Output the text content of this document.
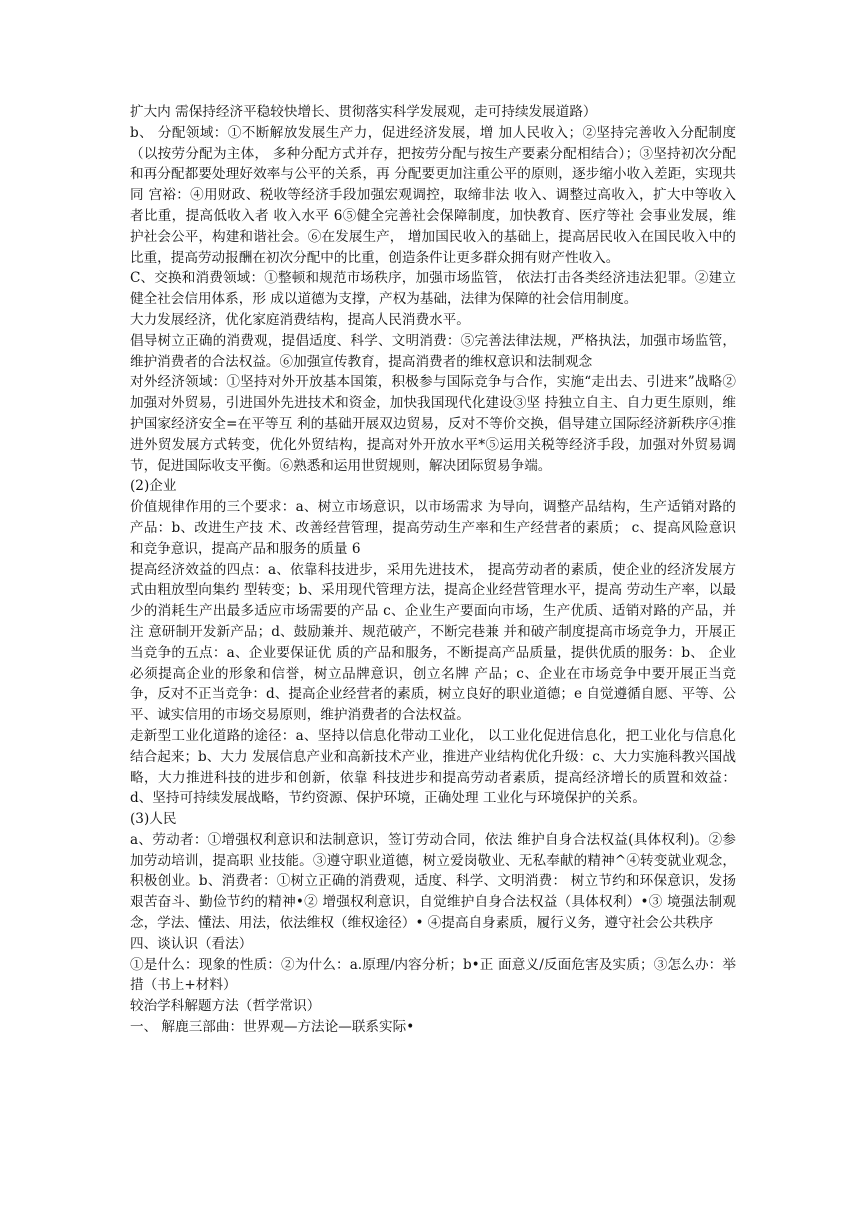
扩大内 需保持经济平稳较快增长、贯彻落实科学发展观，走可持续发展道路）

b、 分配领域：①不断解放发展生产力，促进经济发展，增 加人民收入；②坚持完善收入分配制度（以按劳分配为主体， 多种分配方式并存，把按劳分配与按生产要素分配相结合）；③坚持初次分配和再分配都要处理好效率与公平的关系，再 分配要更加注重公平的原则，逐步缩小收入差距，实现共同 宫裕：④用财政、税收等经济手段加强宏观调控，取缔非法 收入、调整过高收入，扩大中等收入者比重，提高低收入者 收入水平 6⑤健全完善社会保障制度，加快教育、医疗等社 会事业发展，维护社会公平，构建和谐社会。⑥在发展生产， 增加国民收入的基础上，提高居民收入在国民收入中的比重，提高劳动报酬在初次分配中的比重，创造条件让更多群众拥有财产性收入。

C、交换和消费领域：①整顿和规范市场秩序，加强市场监管， 依法打击各类经济违法犯罪。②建立健全社会信用体系，形 成以道德为支撑，产权为基础，法律为保障的社会信用制度。

大力发展经济，优化家庭消费结构，提高人民消费水平。

倡导树立正确的消费观，提倡适度、科学、文明消费：⑤完善法律法规，严格执法，加强市场监管，维护消费者的合法权益。⑥加强宣传教育，提高消费者的维权意识和法制观念

对外经济领域：①坚持对外开放基本国策，积极参与国际竞争与合作，实施“走出去、引进来”战略②加强对外贸易，引进国外先进技术和资金，加快我国现代化建设③坚 持独立自主、自力更生原则，维护国家经济安全=在平等互 利的基础开展双边贸易，反对不等价交换，倡导建立国际经济新秩序④推进外贸发展方式转变，优化外贸结构，提高对外开放水平*⑤运用关税等经济手段，加强对外贸易调节，促进国际收支平衡。⑥熟悉和运用世贸规则，解决团际贸易争端。

(2)企业

价值规律作用的三个要求：a、树立市场意识，以市场需求 为导向，调整产品结构，生产适销对路的产品：b、改进生产技 术、改善经营管理，提高劳动生产率和生产经营者的素质； c、提高风险意识和竞争意识，提高产品和服务的质量 6

提高经济效益的四点：a、依靠科技进步，采用先进技术， 提高劳动者的素质，使企业的经济发展方式由粗放型向集约 型转变；b、采用现代管理方法，提高企业经营管理水平，提高 劳动生产率，以最少的消耗生产出最多适应市场需要的产品 c、企业生产要面向市场，生产优质、适销对路的产品，并注 意研制开发新产品；d、鼓励兼并、规范破产，不断完巷兼 并和破产制度提高市场竞争力，开展正当竞争的五点：a、企业要保证优 质的产品和服务，不断提高产品质量，提供优质的服务：b、 企业必须提高企业的形象和信誉，树立品牌意识，创立名牌 产品；c、企业在市场竞争中要开展正当竞争，反对不正当竞争：d、提高企业经营者的素质，树立良好的职业道德；e 自觉遵循自愿、平等、公平、诚实信用的市场交易原则，维护消费者的合法权益。

走新型工业化道路的途径：a、坚持以信息化带动工业化， 以工业化促进信息化，把工业化与信息化结合起来；b、大力 发展信息产业和高新技术产业，推进产业结构优化升级：c、大力实施科教兴国战略，大力推进科技的进步和创新，依靠 科技进步和提高劳动者素质，提高经济增长的质置和效益：d、坚持可持续发展战略，节约资源、保护环境，正确处理 工业化与环境保护的关系。

(3)人民

a、劳动者：①增强权利意识和法制意识，签订劳动合同，依法 维护自身合法权益(具体权利)。②参加劳动培训，提高职 业技能。③遵守职业道德，树立爱岗敬业、无私奉献的精神^④转变就业观念，积极创业。b、消费者：①树立正确的消费观，适度、科学、文明消费： 树立节约和环保意识，发扬艰苦奋斗、勤俭节约的精神•② 增强权利意识，自觉维护自身合法权益（具体权利）•③ 境强法制观念，学法、懂法、用法，依法维权（维权途径）• ④提高自身素质，履行义务，遵守社会公共秩序

四、谈认识（看法）

①是什么：现象的性质：②为什么：a.原理/内容分析；b•正 面意义/反面危害及实质；③怎么办：举措（书上+材料）

较治学科解题方法（哲学常识）

一、 解鹿三部曲：世界观—方法论—联系实际•
